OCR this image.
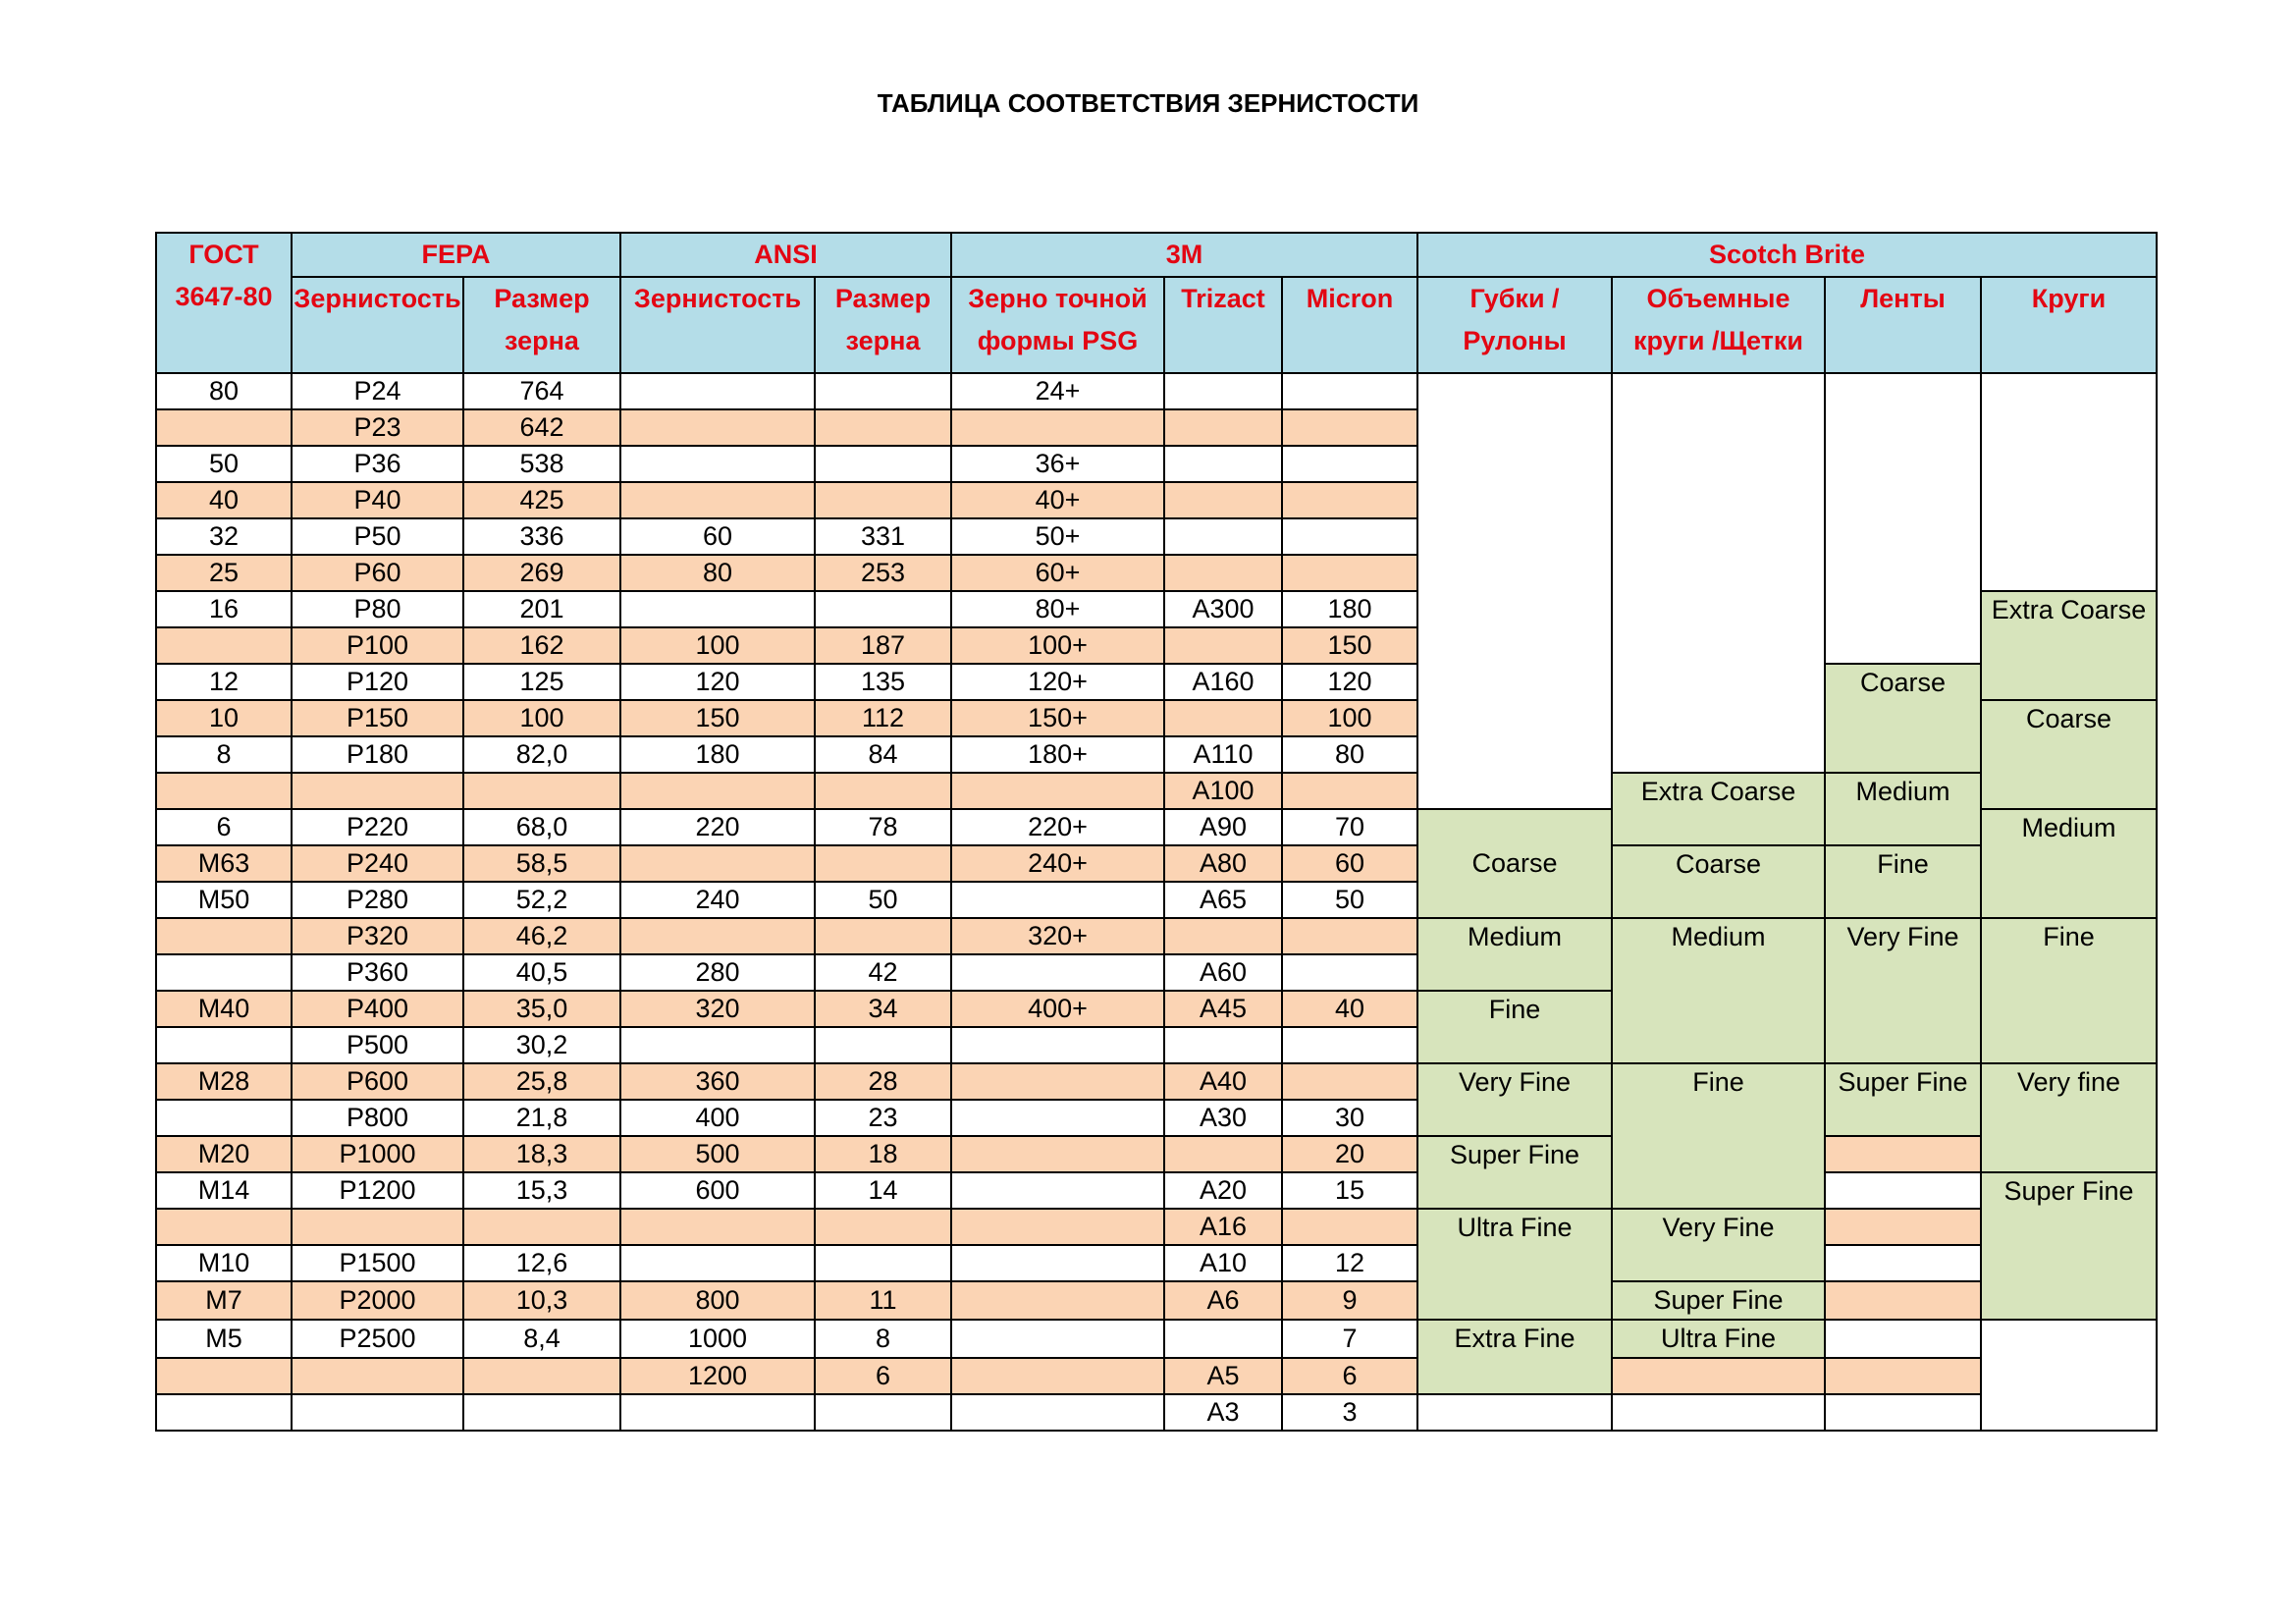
ТАБЛИЦА СООТВЕТСТВИЯ ЗЕРНИСТОСТИ
ГОСТ 3647-80	FEPA		ANSI		3M			Scotch Brite			
	Зернистость	Размер зерна	Зернистость	Размер зерна	Зерно точной формы PSG	Trizact	Micron	Губки /Рулоны	Объемные круги /Щетки	Ленты	Круги
80	P24	764			24+						
	P23	642									
50	P36	538			36+						
40	P40	425			40+						
32	P50	336	60	331	50+						
25	P60	269	80	253	60+						
16	P80	201			80+	A300	180				Extra Coarse
	P100	162	100	187	100+		150				
12	P120	125	120	135	120+	A160	120			Coarse	
10	P150	100	150	112	150+		100				Coarse
8	P180	82,0	180	84	180+	A110	80				
						A100			Extra Coarse	Medium	
6	P220	68,0	220	78	220+	A90	70	Coarse			Medium
M63	P240	58,5			240+	A80	60		Coarse	Fine	
M50	P280	52,2	240	50		A65	50				
	P320	46,2			320+			Medium	Medium	Very Fine	Fine
	P360	40,5	280	42		A60					
M40	P400	35,0	320	34	400+	A45	40	Fine			
	P500	30,2									
M28	P600	25,8	360	28		A40		Very Fine	Fine	Super Fine	Very fine
	P800	21,8	400	23		A30	30				
M20	P1000	18,3	500	18			20	Super Fine			
M14	P1200	15,3	600	14		A20	15				Super Fine
						A16		Ultra Fine	Very Fine		
M10	P1500	12,6				A10	12				
M7	P2000	10,3	800	11		A6	9		Super Fine		
M5	P2500	8,4	1000	8			7	Extra Fine	Ultra Fine		
			1200	6		A5	6				
						A3	3				
